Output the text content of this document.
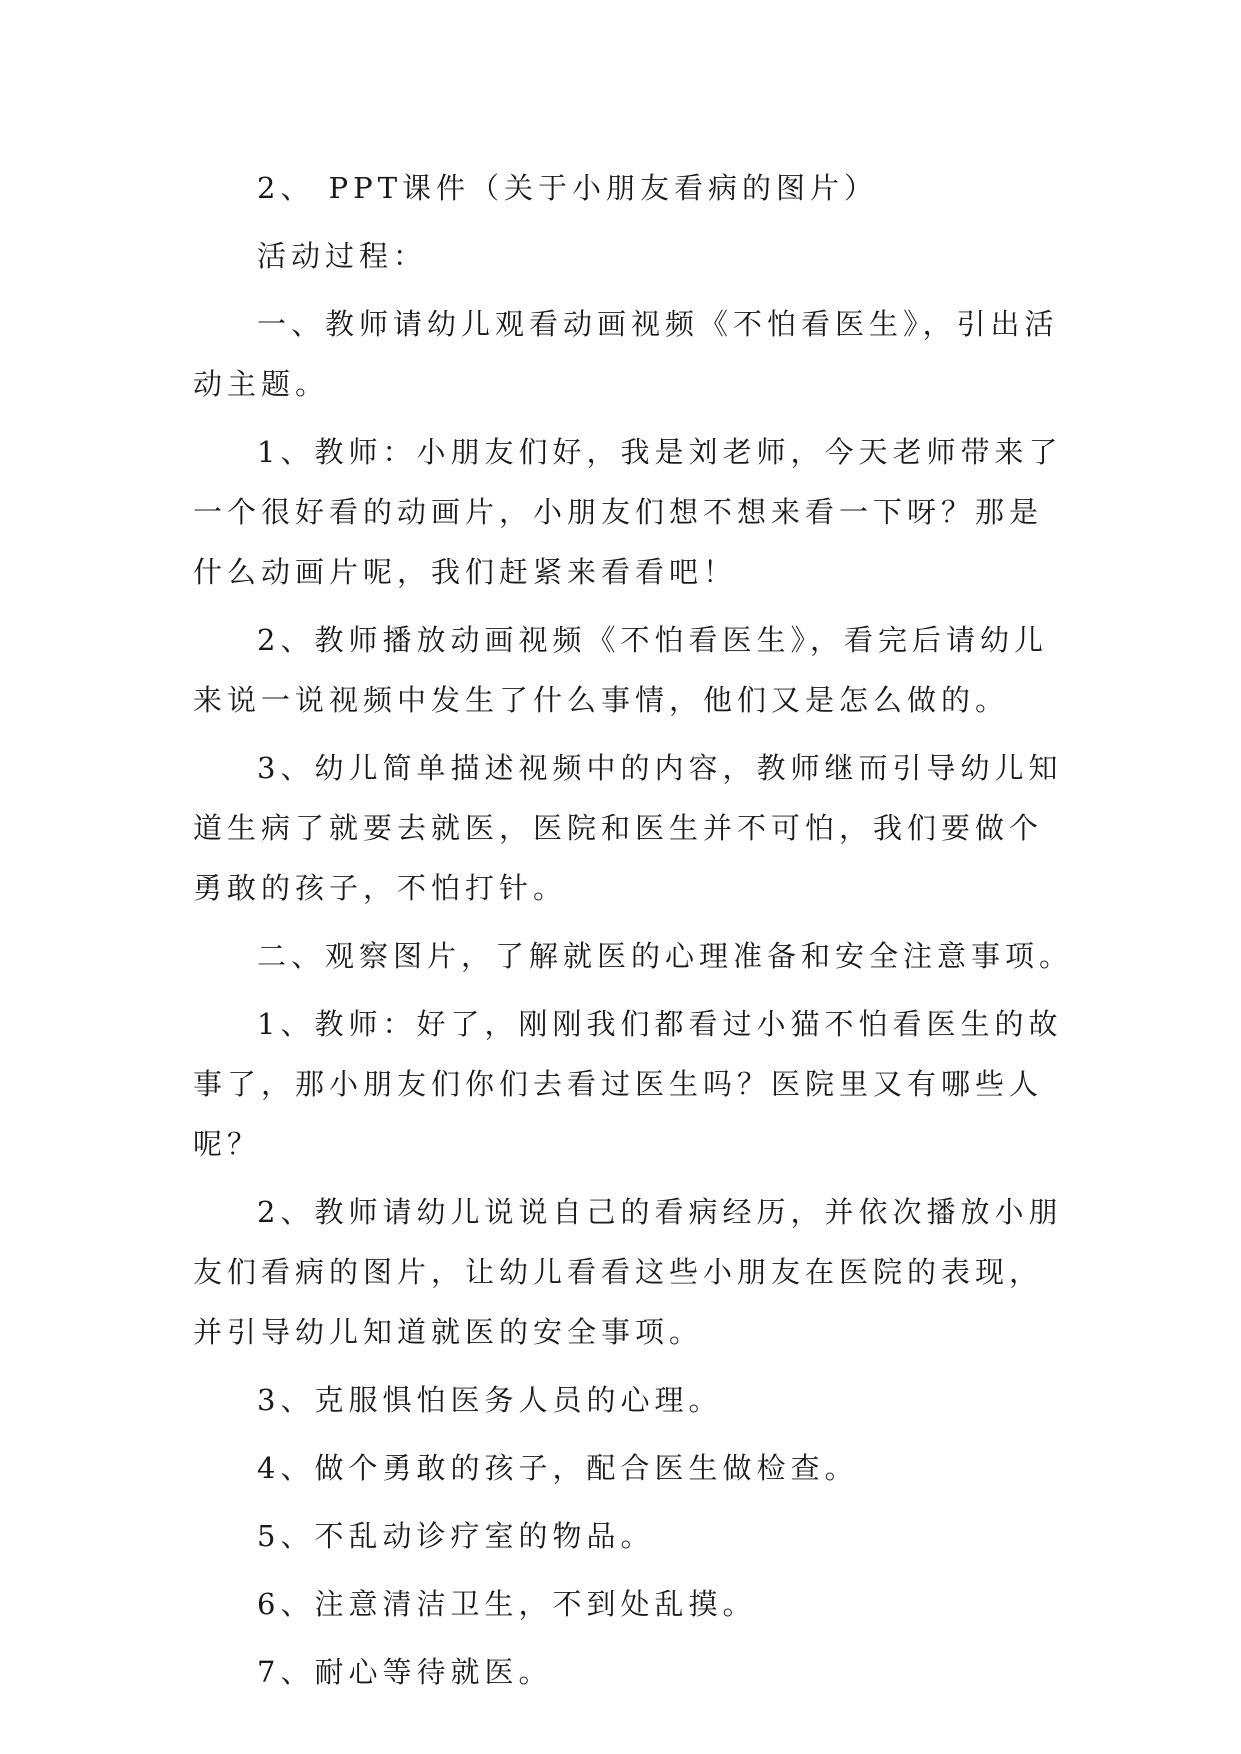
2、 PPT课件（关于小朋友看病的图片）

活动过程：

一、教师请幼儿观看动画视频《不怕看医生》，引出活动主题。

1、教师：小朋友们好，我是刘老师，今天老师带来了一个很好看的动画片，小朋友们想不想来看一下呀？那是什么动画片呢，我们赶紧来看看吧！

2、教师播放动画视频《不怕看医生》，看完后请幼儿来说一说视频中发生了什么事情，他们又是怎么做的。

3、幼儿简单描述视频中的内容，教师继而引导幼儿知道生病了就要去就医，医院和医生并不可怕，我们要做个勇敢的孩子，不怕打针。

二、观察图片，了解就医的心理准备和安全注意事项。

1、教师：好了，刚刚我们都看过小猫不怕看医生的故事了，那小朋友们你们去看过医生吗？医院里又有哪些人呢？

2、教师请幼儿说说自己的看病经历，并依次播放小朋友们看病的图片，让幼儿看看这些小朋友在医院的表现，并引导幼儿知道就医的安全事项。

3、克服惧怕医务人员的心理。

4、做个勇敢的孩子，配合医生做检查。

5、不乱动诊疗室的物品。

6、注意清洁卫生，不到处乱摸。

7、耐心等待就医。
